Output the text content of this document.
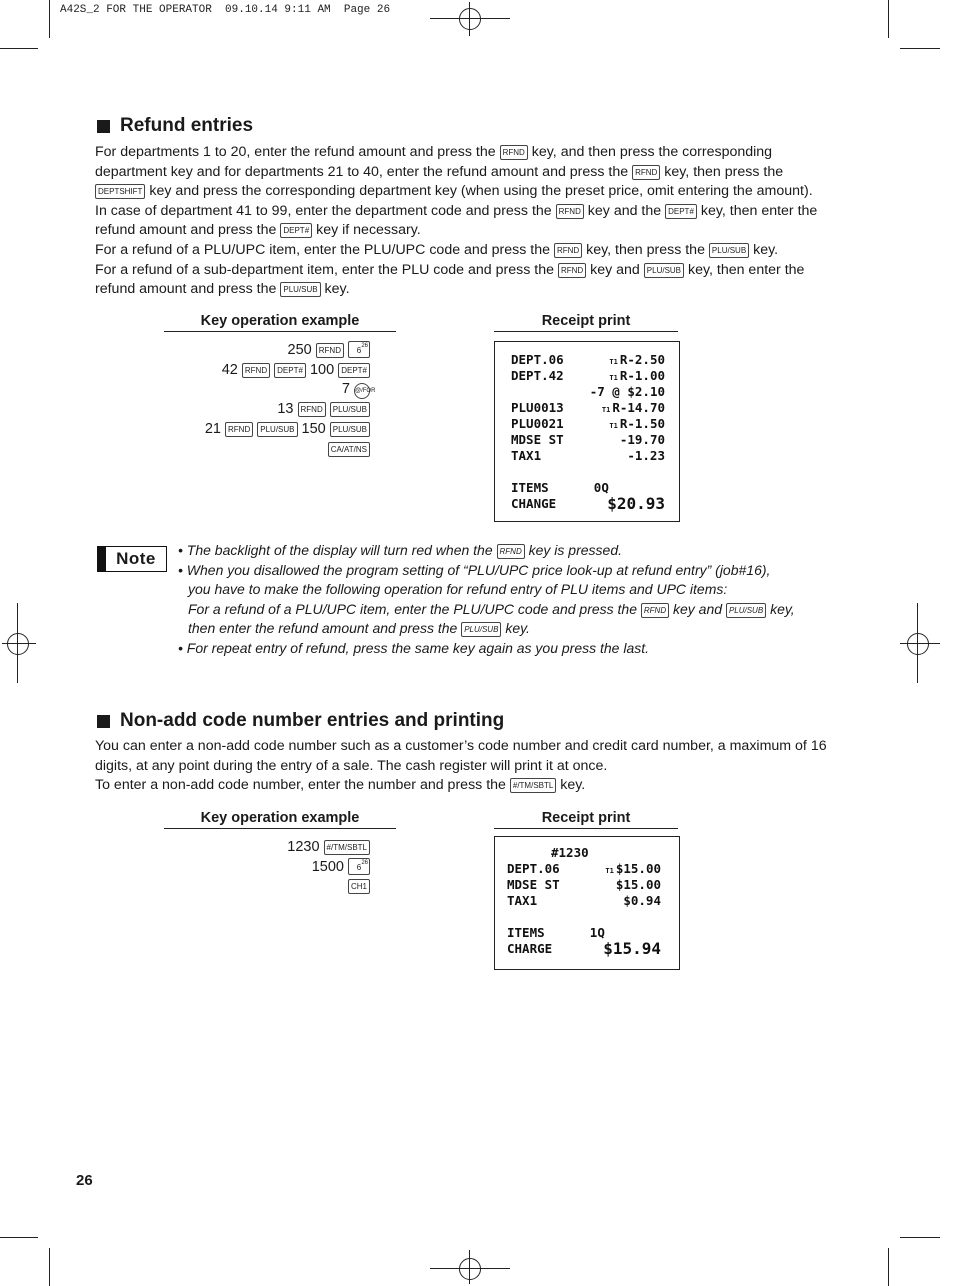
A42S_2 FOR THE OPERATOR  09.10.14 9:11 AM  Page 26
Refund entries

For departments 1 to 20, enter the refund amount and press the RFND key, and then press the corresponding department key and for departments 21 to 40, enter the refund amount and press the RFND key, then press the DEPTSHIFT key and press the corresponding department key (when using the preset price, omit entering the amount).

In case of department 41 to 99, enter the department code and press the RFND key and the DEPT# key, then enter the refund amount and press the DEPT# key if necessary.

For a refund of a PLU/UPC item, enter the PLU/UPC code and press the RFND key, then press the PLU/SUB key.

For a refund of a sub-department item, enter the PLU code and press the RFND key and PLU/SUB key, then enter the refund amount and press the PLU/SUB key.

Key operation example
250 RFND 6 26
42 RFND DEPT# 100 DEPT#
7 @/FOR
13 RFND PLU/SUB
21 RFND PLU/SUB 150 PLU/SUB
CA/AT/NS
Receipt print
DEPT.06	T1 R-2.50
DEPT.42	T1 R-1.00
-7 @ $2.10
PLU0013	T1 R-14.70
PLU0021	T1 R-1.50
MDSE ST	-19.70
TAX1	-1.23
ITEMS	0Q
CHANGE	$20.93
Note	• The backlight of the display will turn red when the RFND key is pressed.

• When you disallowed the program setting of “PLU/UPC price look-up at refund entry” (job#16),

you have to make the following operation for refund entry of PLU items and UPC items:

For a refund of a PLU/UPC item, enter the PLU/UPC code and press the RFND key and PLU/SUB key,

then enter the refund amount and press the PLU/SUB key.

• For repeat entry of refund, press the same key again as you press the last.

Non-add code number entries and printing

You can enter a non-add code number such as a customer’s code number and credit card number, a maximum of 16 digits, at any point during the entry of a sale. The cash register will print it at once.

To enter a non-add code number, enter the number and press the #/TM/SBTL key.

Key operation example
1230 #/TM/SBTL
1500 6 26
CH1
Receipt print
#1230
DEPT.06	T1 $15.00
MDSE ST	$15.00
TAX1	$0.94
ITEMS	1Q
CHARGE	$15.94
26
